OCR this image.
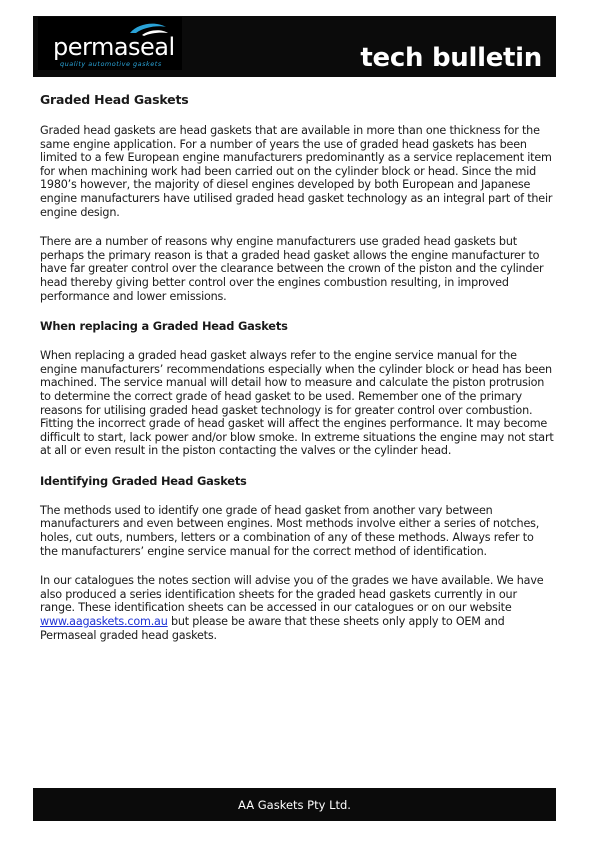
permaseal
quality automotive gaskets	tech bulletin
Graded Head Gaskets

Graded head gaskets are head gaskets that are available in more than one thickness for the same engine application. For a number of years the use of graded head gaskets has been limited to a few European engine manufacturers predominantly as a service replacement item for when machining work had been carried out on the cylinder block or head. Since the mid 1980’s however, the majority of diesel engines developed by both European and Japanese engine manufacturers have utilised graded head gasket technology as an integral part of their engine design.

There are a number of reasons why engine manufacturers use graded head gaskets but perhaps the primary reason is that a graded head gasket allows the engine manufacturer to have far greater control over the clearance between the crown of the piston and the cylinder head thereby giving better control over the engines combustion resulting, in improved performance and lower emissions.

When replacing a Graded Head Gaskets

When replacing a graded head gasket always refer to the engine service manual for the engine manufacturers’ recommendations especially when the cylinder block or head has been machined. The service manual will detail how to measure and calculate the piston protrusion to determine the correct grade of head gasket to be used. Remember one of the primary reasons for utilising graded head gasket technology is for greater control over combustion. Fitting the incorrect grade of head gasket will affect the engines performance. It may become difficult to start, lack power and/or blow smoke. In extreme situations the engine may not start at all or even result in the piston contacting the valves or the cylinder head.

Identifying Graded Head Gaskets

The methods used to identify one grade of head gasket from another vary between manufacturers and even between engines. Most methods involve either a series of notches, holes, cut outs, numbers, letters or a combination of any of these methods. Always refer to the manufacturers’ engine service manual for the correct method of identification.

In our catalogues the notes section will advise you of the grades we have available. We have also produced a series identification sheets for the graded head gaskets currently in our range. These identification sheets can be accessed in our catalogues or on our website www.aagaskets.com.au but please be aware that these sheets only apply to OEM and Permaseal graded head gaskets.

AA Gaskets Pty Ltd.
